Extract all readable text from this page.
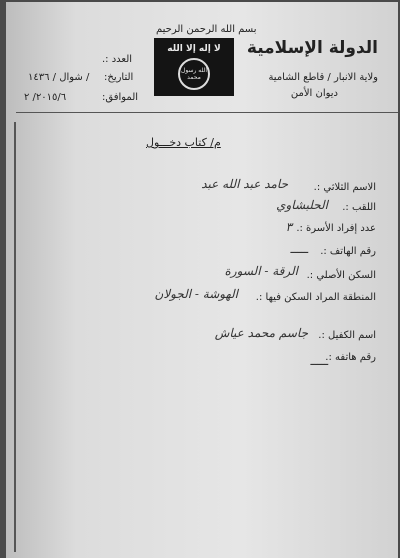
بسم الله الرحمن الرحيم
لا إله إلا الله
الله رسول محمد
الدولة الإسلامية
ولاية الانبار / قاطع الشامية
ديوان الأمن
العدد :.
التاريخ:
/ شوال / ١٤٣٦
الموافق:
٢٠١٥/٦/ ٢
م/ كتاب دخـــول
الاسم الثلاثي :.
حامد عبد الله عبد
اللقب :.
الحلبشاوي
عدد إفراد الأسرة :.
٣
رقم الهاتف :.
ـــــ
السكن الأصلي :.
الرقة - السورة
المنطقة المراد السكن فيها :.
الهوشة - الجولان
اسم الكفيل :.
جاسم محمد عياش
رقم هاتفه :.
ـــــ
